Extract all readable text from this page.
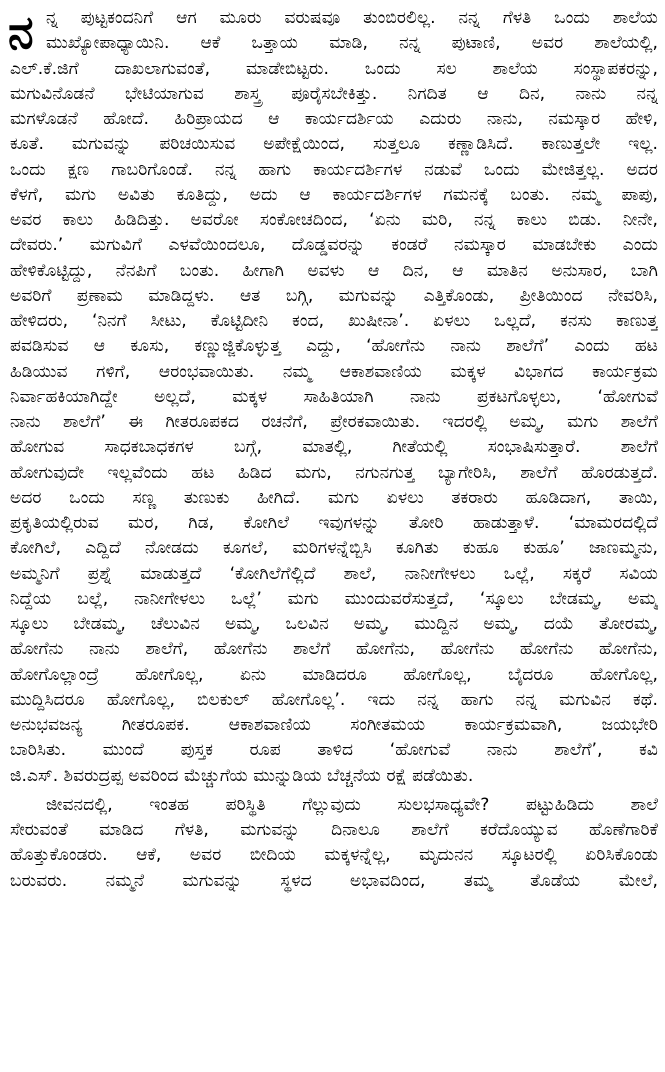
ನ ನ್ನ ಪುಟ್ಟಕಂದನಿಗೆ ಆಗ ಮೂರು ವರುಷವೂ ತುಂಬಿರಲಿಲ್ಲ. ನನ್ನ ಗೆಳತಿ ಒಂದು ಶಾಲೆಯ
ಮುಖ್ಯೋಪಾಧ್ಯಾಯಿನಿ. ಆಕೆ ಒತ್ತಾಯ ಮಾಡಿ, ನನ್ನ ಪುಟಾಣಿ, ಅವರ ಶಾಲೆಯಲ್ಲಿ,
ಎಲ್.ಕೆ.ಜಿಗೆ ದಾಖಲಾಗುವಂತೆ, ಮಾಡೇಬಿಟ್ಟರು. ಒಂದು ಸಲ ಶಾಲೆಯ ಸಂಸ್ಥಾಪಕರನ್ನು,
ಮಗುವಿನೊಡನೆ ಭೇಟಿಯಾಗುವ ಶಾಸ್ತ್ರ ಪೂರೈಸಬೇಕಿತ್ತು. ನಿಗದಿತ ಆ ದಿನ, ನಾನು ನನ್ನ
ಮಗಳೊಡನೆ ಹೋದೆ. ಹಿರಿಪ್ರಾಯದ ಆ ಕಾರ್ಯದರ್ಶಿಯ ಎದುರು ನಾನು, ನಮಸ್ಕಾರ ಹೇಳಿ,
ಕೂತೆ. ಮಗುವನ್ನು ಪರಿಚಯಿಸುವ ಅಪೇಕ್ಷೆಯಿಂದ, ಸುತ್ತಲೂ ಕಣ್ಣಾಡಿಸಿದೆ. ಕಾಣುತ್ತಲೇ ಇಲ್ಲ.
ಒಂದು ಕ್ಷಣ ಗಾಬರಿಗೊಂಡೆ. ನನ್ನ ಹಾಗು ಕಾರ್ಯದರ್ಶಿಗಳ ನಡುವೆ ಒಂದು ಮೇಜಿತ್ತಲ್ಲ. ಅದರ
ಕೆಳಗೆ, ಮಗು ಅವಿತು ಕೂತಿದ್ದು, ಅದು ಆ ಕಾರ್ಯದರ್ಶಿಗಳ ಗಮನಕ್ಕೆ ಬಂತು. ನಮ್ಮ ಪಾಪು,
ಅವರ ಕಾಲು ಹಿಡಿದಿತ್ತು. ಅವರೋ ಸಂಕೋಚದಿಂದ, ‘ಏನು ಮರಿ, ನನ್ನ ಕಾಲು ಬಿಡು. ನೀನೇ,
ದೇವರು.’ ಮಗುವಿಗೆ ಎಳವೆಯಿಂದಲೂ, ದೊಡ್ಡವರನ್ನು ಕಂಡರೆ ನಮಸ್ಕಾರ ಮಾಡಬೇಕು ಎಂದು
ಹೇಳಿಕೊಟ್ಟಿದ್ದು, ನೆನಪಿಗೆ ಬಂತು. ಹೀಗಾಗಿ ಅವಳು ಆ ದಿನ, ಆ ಮಾತಿನ ಅನುಸಾರ, ಬಾಗಿ
ಅವರಿಗೆ ಪ್ರಣಾಮ ಮಾಡಿದ್ದಳು. ಆತ ಬಗ್ಗಿ, ಮಗುವನ್ನು ಎತ್ತಿಕೊಂಡು, ಪ್ರೀತಿಯಿಂದ ನೇವರಿಸಿ,
ಹೇಳಿದರು, ‘ನಿನಗೆ ಸೀಟು, ಕೊಟ್ಟಿದೀನಿ ಕಂದ, ಖುಷೀನಾ’. ಏಳಲು ಒಲ್ಲದೆ, ಕನಸು ಕಾಣುತ್ತ
ಪವಡಿಸುವ ಆ ಕೂಸು, ಕಣ್ಣುಜ್ಜಿಕೊಳ್ಳುತ್ತ ಎದ್ದು, ‘ಹೋಗೆನು ನಾನು ಶಾಲೆಗೆ’ ಎಂದು ಹಟ
ಹಿಡಿಯುವ ಗಳಿಗೆ, ಆರಂಭವಾಯಿತು. ನಮ್ಮ ಆಕಾಶವಾಣಿಯ ಮಕ್ಕಳ ವಿಭಾಗದ ಕಾರ್ಯಕ್ರಮ
ನಿರ್ವಾಹಕಿಯಾಗಿದ್ದೇ ಅಲ್ಲದೆ, ಮಕ್ಕಳ ಸಾಹಿತಿಯಾಗಿ ನಾನು ಪ್ರಕಟಗೊಳ್ಳಲು, ‘ಹೋಗುವೆ
ನಾನು ಶಾಲೆಗೆ’ ಈ ಗೀತರೂಪಕದ ರಚನೆಗೆ, ಪ್ರೇರಕವಾಯಿತು. ಇದರಲ್ಲಿ ಅಮ್ಮ, ಮಗು ಶಾಲೆಗೆ
ಹೋಗುವ ಸಾಧಕಬಾಧಕಗಳ ಬಗ್ಗೆ, ಮಾತಲ್ಲಿ, ಗೀತೆಯಲ್ಲಿ ಸಂಭಾಷಿಸುತ್ತಾರೆ. ಶಾಲೆಗೆ
ಹೋಗುವುದೇ ಇಲ್ಲವೆಂದು ಹಟ ಹಿಡಿದ ಮಗು, ನಗುನಗುತ್ತ ಬ್ಯಾಗೇರಿಸಿ, ಶಾಲೆಗೆ ಹೊರಡುತ್ತದೆ.
ಅದರ ಒಂದು ಸಣ್ಣ ತುಣುಕು ಹೀಗಿದೆ. ಮಗು ಏಳಲು ತಕರಾರು ಹೂಡಿದಾಗ, ತಾಯಿ,
ಪ್ರಕೃತಿಯಲ್ಲಿರುವ ಮರ, ಗಿಡ, ಕೋಗಿಲೆ ಇವುಗಳನ್ನು ತೋರಿ ಹಾಡುತ್ತಾಳೆ. ‘ಮಾಮರದಲ್ಲಿದೆ
ಕೋಗಿಲೆ, ಎದ್ದಿದೆ ನೋಡದು ಕೂಗಲೆ, ಮರಿಗಳನ್ನೆಬ್ಬಿಸಿ ಕೂಗಿತು ಕುಹೂ ಕುಹೂ’ ಜಾಣಮ್ಮನು,
ಅಮ್ಮನಿಗೆ ಪ್ರಶ್ನೆ ಮಾಡುತ್ತದೆ ‘ಕೋಗಿಲೆಗೆಲ್ಲಿದೆ ಶಾಲೆ, ನಾನೀಗೇಳಲು ಒಲ್ಲೆ, ಸಕ್ಕರೆ ಸವಿಯ
ನಿದ್ದೆಯ ಬಲ್ಲೆ, ನಾನೀಗೇಳಲು ಒಲ್ಲೆ’ ಮಗು ಮುಂದುವರೆಸುತ್ತದೆ, ‘ಸ್ಕೂಲು ಬೇಡಮ್ಮ, ಅಮ್ಮ
ಸ್ಕೂಲು ಬೇಡಮ್ಮ, ಚೆಲುವಿನ ಅಮ್ಮ, ಒಲವಿನ ಅಮ್ಮ, ಮುದ್ದಿನ ಅಮ್ಮ, ದಯೆ ತೋರಮ್ಮ,
ಹೋಗೆನು ನಾನು ಶಾಲೆಗೆ, ಹೋಗೆನು ಶಾಲೆಗೆ ಹೋಗೆನು, ಹೋಗೆನು ಹೋಗೆನು ಹೋಗೆನು,
ಹೋಗೊಲ್ಲಾಂದ್ರೆ ಹೋಗೊಲ್ಲ, ಏನು ಮಾಡಿದರೂ ಹೋಗೊಲ್ಲ, ಬೈದರೂ ಹೋಗೊಲ್ಲ,
ಮುದ್ದಿಸಿದರೂ ಹೋಗೊಲ್ಲ, ಬಿಲಕುಲ್ ಹೋಗೊಲ್ಲ’. ಇದು ನನ್ನ ಹಾಗು ನನ್ನ ಮಗುವಿನ ಕಥೆ.
ಅನುಭವಜನ್ಯ ಗೀತರೂಪಕ. ಆಕಾಶವಾಣಿಯ ಸಂಗೀತಮಯ ಕಾರ್ಯಕ್ರಮವಾಗಿ, ಜಯಭೇರಿ
ಬಾರಿಸಿತು. ಮುಂದೆ ಪುಸ್ತಕ ರೂಪ ತಾಳಿದ ‘ಹೋಗುವೆ ನಾನು ಶಾಲೆಗೆ’, ಕವಿ
ಜಿ.ಎಸ್. ಶಿವರುದ್ರಪ್ಪ ಅವರಿಂದ ಮೆಚ್ಚುಗೆಯ ಮುನ್ನುಡಿಯ ಬೆಚ್ಚನೆಯ ರಕ್ಷೆ ಪಡೆಯಿತು.
ಜೀವನದಲ್ಲಿ, ಇಂತಹ ಪರಿಸ್ಥಿತಿ ಗೆಲ್ಲುವುದು ಸುಲಭಸಾಧ್ಯವೇ? ಪಟ್ಟುಹಿಡಿದು ಶಾಲೆ
ಸೇರುವಂತೆ ಮಾಡಿದ ಗೆಳತಿ, ಮಗುವನ್ನು ದಿನಾಲೂ ಶಾಲೆಗೆ ಕರೆದೊಯ್ಯುವ ಹೊಣೆಗಾರಿಕೆ
ಹೊತ್ತುಕೊಂಡರು. ಆಕೆ, ಅವರ ಬೀದಿಯ ಮಕ್ಕಳನ್ನೆಲ್ಲ, ಮೃದುನನ ಸ್ಕೂಟರಲ್ಲಿ ಏರಿಸಿಕೊಂಡು
ಬರುವರು. ನಮ್ಮನೆ ಮಗುವನ್ನು ಸ್ಥಳದ ಅಭಾವದಿಂದ, ತಮ್ಮ ತೊಡೆಯ ಮೇಲೆ,
